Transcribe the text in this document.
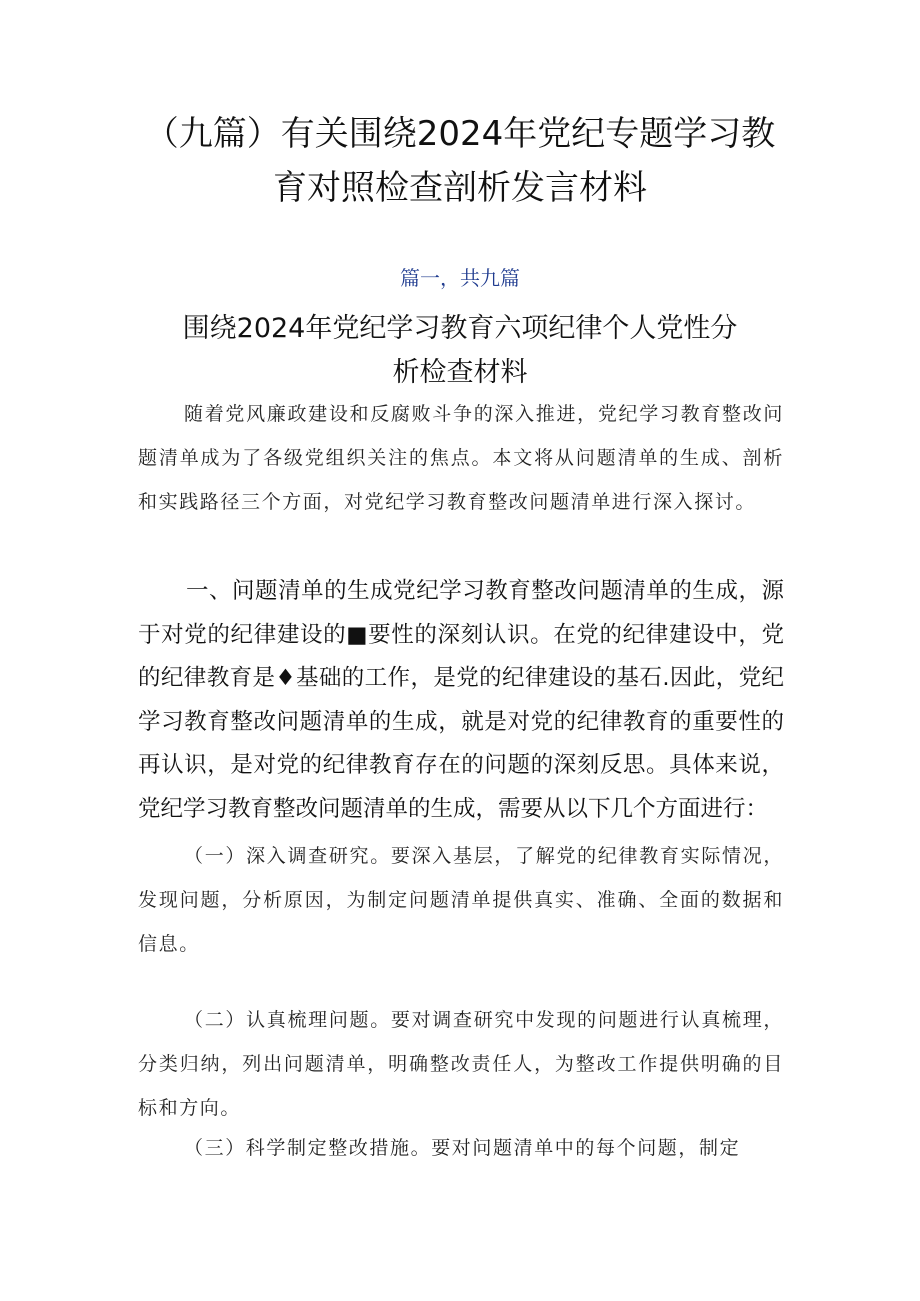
（九篇）有关围绕2024年党纪专题学习教
育对照检查剖析发言材料
篇一，共九篇
围绕2024年党纪学习教育六项纪律个人党性分
析检查材料

随着党风廉政建设和反腐败斗争的深入推进，党纪学习教育整改问题清单成为了各级党组织关注的焦点。本文将从问题清单的生成、剖析和实践路径三个方面，对党纪学习教育整改问题清单进行深入探讨。

一、问题清单的生成党纪学习教育整改问题清单的生成，源于对党的纪律建设的■要性的深刻认识。在党的纪律建设中，党的纪律教育是♦基础的工作，是党的纪律建设的基石.因此，党纪学习教育整改问题清单的生成，就是对党的纪律教育的重要性的再认识，是对党的纪律教育存在的问题的深刻反思。具体来说，党纪学习教育整改问题清单的生成，需要从以下几个方面进行：

（一）深入调查研究。要深入基层，了解党的纪律教育实际情况，发现问题，分析原因，为制定问题清单提供真实、准确、全面的数据和信息。

（二）认真梳理问题。要对调查研究中发现的问题进行认真梳理，分类归纳，列出问题清单，明确整改责任人，为整改工作提供明确的目标和方向。

（三）科学制定整改措施。要对问题清单中的每个问题，制定
